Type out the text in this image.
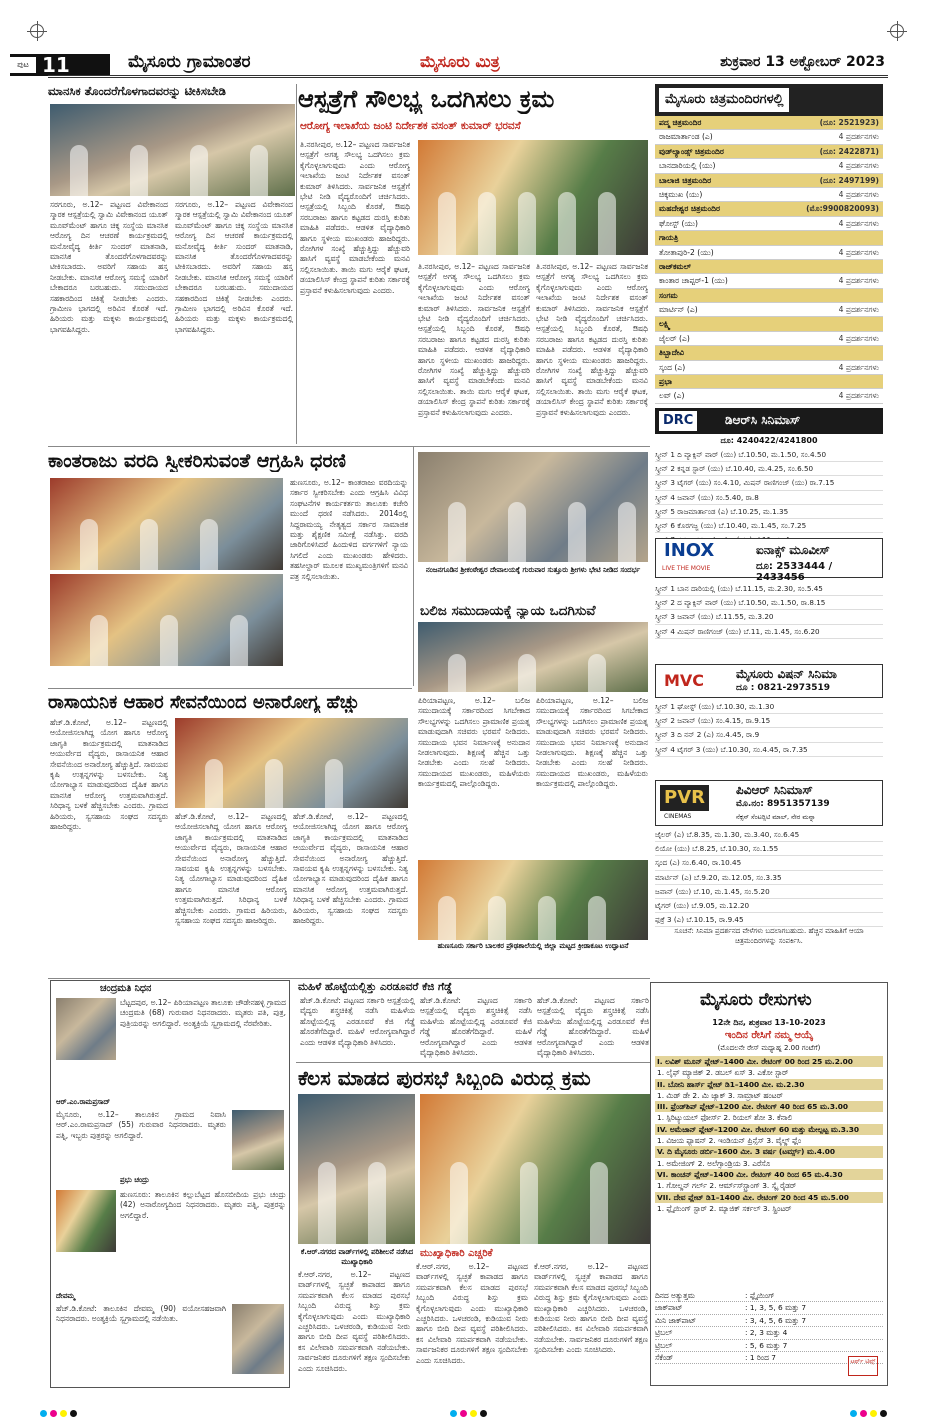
ಪುಟ 11	ಮೈಸೂರು ಗ್ರಾಮಾಂತರ	ಮೈಸೂರು ಮಿತ್ರ	ಶುಕ್ರವಾರ 13 ಅಕ್ಟೋಬರ್ 2023
ಮಾನಸಿಕ ತೊಂದರೆಗೊಳಗಾದವರನ್ನು ಟೀಕಿಸಬೇಡಿ
ಸರಗೂರು, ಅ.12– ಪಟ್ಟಣದ ವಿವೇಕಾನಂದ ಸ್ಮಾರಕ ಆಸ್ಪತ್ರೆಯಲ್ಲಿ ಸ್ವಾಮಿ ವಿವೇಕಾನಂದ ಯೂತ್ ಮೂವ್‍ಮೆಂಟ್ ಹಾಗೂ ಚಿಕ್ಕ ಸಂಸ್ಥೆಯ ಮಾನಸಿಕ ಆರೋಗ್ಯ ದಿನ ಆಚರಣೆ ಕಾರ್ಯಕ್ರಮದಲ್ಲಿ ಮನೋವೈದ್ಯ ಕೀರ್ತಿ ಸುಂದರ್ ಮಾತನಾಡಿ, ಮಾನಸಿಕ ತೊಂದರೆಗೊಳಗಾದವರನ್ನು ಟೀಕಿಸಬಾರದು. ಅವರಿಗೆ ಸಹಾಯ ಹಸ್ತ ನೀಡಬೇಕು. ಮಾನಸಿಕ ಆರೋಗ್ಯ ಸಮಸ್ಯೆ ಯಾರಿಗೆ ಬೇಕಾದರೂ ಬರಬಹುದು. ಸಮುದಾಯದ ಸಹಕಾರದಿಂದ ಚಿಕಿತ್ಸೆ ನೀಡಬೇಕು ಎಂದರು. ಗ್ರಾಮೀಣ ಭಾಗದಲ್ಲಿ ಅರಿವಿನ ಕೊರತೆ ಇದೆ. ಹಿರಿಯರು ಮತ್ತು ಮಕ್ಕಳು ಕಾರ್ಯಕ್ರಮದಲ್ಲಿ ಭಾಗವಹಿಸಿದ್ದರು.
ಸರಗೂರು, ಅ.12– ಪಟ್ಟಣದ ವಿವೇಕಾನಂದ ಸ್ಮಾರಕ ಆಸ್ಪತ್ರೆಯಲ್ಲಿ ಸ್ವಾಮಿ ವಿವೇಕಾನಂದ ಯೂತ್ ಮೂವ್‍ಮೆಂಟ್ ಹಾಗೂ ಚಿಕ್ಕ ಸಂಸ್ಥೆಯ ಮಾನಸಿಕ ಆರೋಗ್ಯ ದಿನ ಆಚರಣೆ ಕಾರ್ಯಕ್ರಮದಲ್ಲಿ ಮನೋವೈದ್ಯ ಕೀರ್ತಿ ಸುಂದರ್ ಮಾತನಾಡಿ, ಮಾನಸಿಕ ತೊಂದರೆಗೊಳಗಾದವರನ್ನು ಟೀಕಿಸಬಾರದು. ಅವರಿಗೆ ಸಹಾಯ ಹಸ್ತ ನೀಡಬೇಕು. ಮಾನಸಿಕ ಆರೋಗ್ಯ ಸಮಸ್ಯೆ ಯಾರಿಗೆ ಬೇಕಾದರೂ ಬರಬಹುದು. ಸಮುದಾಯದ ಸಹಕಾರದಿಂದ ಚಿಕಿತ್ಸೆ ನೀಡಬೇಕು ಎಂದರು. ಗ್ರಾಮೀಣ ಭಾಗದಲ್ಲಿ ಅರಿವಿನ ಕೊರತೆ ಇದೆ. ಹಿರಿಯರು ಮತ್ತು ಮಕ್ಕಳು ಕಾರ್ಯಕ್ರಮದಲ್ಲಿ ಭಾಗವಹಿಸಿದ್ದರು.
ಆಸ್ಪತ್ರೆಗೆ ಸೌಲಭ್ಯ ಒದಗಿಸಲು ಕ್ರಮ
ಆರೋಗ್ಯ ಇಲಾಖೆಯ ಜಂಟಿ ನಿರ್ದೇಶಕ ವಸಂತ್ ಕುಮಾರ್ ಭರವಸೆ
ತಿ.ನರಸೀಪುರ, ಅ.12– ಪಟ್ಟಣದ ಸಾರ್ವಜನಿಕ ಆಸ್ಪತ್ರೆಗೆ ಅಗತ್ಯ ಸೌಲಭ್ಯ ಒದಗಿಸಲು ಕ್ರಮ ಕೈಗೊಳ್ಳಲಾಗುವುದು ಎಂದು ಆರೋಗ್ಯ ಇಲಾಖೆಯ ಜಂಟಿ ನಿರ್ದೇಶಕ ವಸಂತ್ ಕುಮಾರ್ ತಿಳಿಸಿದರು. ಸಾರ್ವಜನಿಕ ಆಸ್ಪತ್ರೆಗೆ ಭೇಟಿ ನೀಡಿ ವೈದ್ಯರೊಂದಿಗೆ ಚರ್ಚಿಸಿದರು. ಆಸ್ಪತ್ರೆಯಲ್ಲಿ ಸಿಬ್ಬಂದಿ ಕೊರತೆ, ಔಷಧಿ ಸರಬರಾಜು ಹಾಗೂ ಕಟ್ಟಡದ ದುರಸ್ತಿ ಕುರಿತು ಮಾಹಿತಿ ಪಡೆದರು. ಆಡಳಿತ ವೈದ್ಯಾಧಿಕಾರಿ ಹಾಗೂ ಸ್ಥಳೀಯ ಮುಖಂಡರು ಹಾಜರಿದ್ದರು. ರೋಗಿಗಳ ಸಂಖ್ಯೆ ಹೆಚ್ಚುತ್ತಿದ್ದು ಹೆಚ್ಚುವರಿ ಹಾಸಿಗೆ ವ್ಯವಸ್ಥೆ ಮಾಡಬೇಕೆಂದು ಮನವಿ ಸಲ್ಲಿಸಲಾಯಿತು. ತಾಯಿ ಮಗು ಆರೈಕೆ ಘಟಕ, ಡಯಾಲಿಸಿಸ್ ಕೇಂದ್ರ ಸ್ಥಾಪನೆ ಕುರಿತು ಸರ್ಕಾರಕ್ಕೆ ಪ್ರಸ್ತಾವನೆ ಕಳುಹಿಸಲಾಗುವುದು ಎಂದರು.
ತಿ.ನರಸೀಪುರ, ಅ.12– ಪಟ್ಟಣದ ಸಾರ್ವಜನಿಕ ಆಸ್ಪತ್ರೆಗೆ ಅಗತ್ಯ ಸೌಲಭ್ಯ ಒದಗಿಸಲು ಕ್ರಮ ಕೈಗೊಳ್ಳಲಾಗುವುದು ಎಂದು ಆರೋಗ್ಯ ಇಲಾಖೆಯ ಜಂಟಿ ನಿರ್ದೇಶಕ ವಸಂತ್ ಕುಮಾರ್ ತಿಳಿಸಿದರು. ಸಾರ್ವಜನಿಕ ಆಸ್ಪತ್ರೆಗೆ ಭೇಟಿ ನೀಡಿ ವೈದ್ಯರೊಂದಿಗೆ ಚರ್ಚಿಸಿದರು. ಆಸ್ಪತ್ರೆಯಲ್ಲಿ ಸಿಬ್ಬಂದಿ ಕೊರತೆ, ಔಷಧಿ ಸರಬರಾಜು ಹಾಗೂ ಕಟ್ಟಡದ ದುರಸ್ತಿ ಕುರಿತು ಮಾಹಿತಿ ಪಡೆದರು. ಆಡಳಿತ ವೈದ್ಯಾಧಿಕಾರಿ ಹಾಗೂ ಸ್ಥಳೀಯ ಮುಖಂಡರು ಹಾಜರಿದ್ದರು. ರೋಗಿಗಳ ಸಂಖ್ಯೆ ಹೆಚ್ಚುತ್ತಿದ್ದು ಹೆಚ್ಚುವರಿ ಹಾಸಿಗೆ ವ್ಯವಸ್ಥೆ ಮಾಡಬೇಕೆಂದು ಮನವಿ ಸಲ್ಲಿಸಲಾಯಿತು. ತಾಯಿ ಮಗು ಆರೈಕೆ ಘಟಕ, ಡಯಾಲಿಸಿಸ್ ಕೇಂದ್ರ ಸ್ಥಾಪನೆ ಕುರಿತು ಸರ್ಕಾರಕ್ಕೆ ಪ್ರಸ್ತಾವನೆ ಕಳುಹಿಸಲಾಗುವುದು ಎಂದರು.
ತಿ.ನರಸೀಪುರ, ಅ.12– ಪಟ್ಟಣದ ಸಾರ್ವಜನಿಕ ಆಸ್ಪತ್ರೆಗೆ ಅಗತ್ಯ ಸೌಲಭ್ಯ ಒದಗಿಸಲು ಕ್ರಮ ಕೈಗೊಳ್ಳಲಾಗುವುದು ಎಂದು ಆರೋಗ್ಯ ಇಲಾಖೆಯ ಜಂಟಿ ನಿರ್ದೇಶಕ ವಸಂತ್ ಕುಮಾರ್ ತಿಳಿಸಿದರು. ಸಾರ್ವಜನಿಕ ಆಸ್ಪತ್ರೆಗೆ ಭೇಟಿ ನೀಡಿ ವೈದ್ಯರೊಂದಿಗೆ ಚರ್ಚಿಸಿದರು. ಆಸ್ಪತ್ರೆಯಲ್ಲಿ ಸಿಬ್ಬಂದಿ ಕೊರತೆ, ಔಷಧಿ ಸರಬರಾಜು ಹಾಗೂ ಕಟ್ಟಡದ ದುರಸ್ತಿ ಕುರಿತು ಮಾಹಿತಿ ಪಡೆದರು. ಆಡಳಿತ ವೈದ್ಯಾಧಿಕಾರಿ ಹಾಗೂ ಸ್ಥಳೀಯ ಮುಖಂಡರು ಹಾಜರಿದ್ದರು. ರೋಗಿಗಳ ಸಂಖ್ಯೆ ಹೆಚ್ಚುತ್ತಿದ್ದು ಹೆಚ್ಚುವರಿ ಹಾಸಿಗೆ ವ್ಯವಸ್ಥೆ ಮಾಡಬೇಕೆಂದು ಮನವಿ ಸಲ್ಲಿಸಲಾಯಿತು. ತಾಯಿ ಮಗು ಆರೈಕೆ ಘಟಕ, ಡಯಾಲಿಸಿಸ್ ಕೇಂದ್ರ ಸ್ಥಾಪನೆ ಕುರಿತು ಸರ್ಕಾರಕ್ಕೆ ಪ್ರಸ್ತಾವನೆ ಕಳುಹಿಸಲಾಗುವುದು ಎಂದರು.
ಕಾಂತರಾಜು ವರದಿ ಸ್ವೀಕರಿಸುವಂತೆ ಆಗ್ರಹಿಸಿ ಧರಣಿ
ಹುಣಸೂರು, ಅ.12– ಕಾಂತರಾಜು ವರದಿಯನ್ನು ಸರ್ಕಾರ ಸ್ವೀಕರಿಸಬೇಕು ಎಂದು ಆಗ್ರಹಿಸಿ ವಿವಿಧ ಸಂಘಟನೆಗಳ ಕಾರ್ಯಕರ್ತರು ತಾಲೂಕು ಕಚೇರಿ ಮುಂದೆ ಧರಣಿ ನಡೆಸಿದರು. 2014ರಲ್ಲಿ ಸಿದ್ದರಾಮಯ್ಯ ನೇತೃತ್ವದ ಸರ್ಕಾರ ಸಾಮಾಜಿಕ ಮತ್ತು ಶೈಕ್ಷಣಿಕ ಸಮೀಕ್ಷೆ ನಡೆಸಿತ್ತು. ವರದಿ ಜಾರಿಗೊಳಿಸಿದರೆ ಹಿಂದುಳಿದ ವರ್ಗಗಳಿಗೆ ನ್ಯಾಯ ಸಿಗಲಿದೆ ಎಂದು ಮುಖಂಡರು ಹೇಳಿದರು. ತಹಸೀಲ್ದಾರ್ ಮೂಲಕ ಮುಖ್ಯಮಂತ್ರಿಗಳಿಗೆ ಮನವಿ ಪತ್ರ ಸಲ್ಲಿಸಲಾಯಿತು.
ನಂಜನಗೂಡಿನ ಶ್ರೀಕಂಠೇಶ್ವರ ದೇವಾಲಯಕ್ಕೆ ಗುರುವಾರ ಸುತ್ತೂರು ಶ್ರೀಗಳು ಭೇಟಿ ನೀಡಿದ ಸಂದರ್ಭ
ಬಲಿಜ ಸಮುದಾಯಕ್ಕೆ ನ್ಯಾಯ ಒದಗಿಸುವೆ
ಪಿರಿಯಾಪಟ್ಟಣ, ಅ.12– ಬಲಿಜ ಸಮುದಾಯಕ್ಕೆ ಸರ್ಕಾರದಿಂದ ಸಿಗಬೇಕಾದ ಸೌಲಭ್ಯಗಳನ್ನು ಒದಗಿಸಲು ಪ್ರಾಮಾಣಿಕ ಪ್ರಯತ್ನ ಮಾಡುವುದಾಗಿ ಸಚಿವರು ಭರವಸೆ ನೀಡಿದರು. ಸಮುದಾಯ ಭವನ ನಿರ್ಮಾಣಕ್ಕೆ ಅನುದಾನ ನೀಡಲಾಗುವುದು. ಶಿಕ್ಷಣಕ್ಕೆ ಹೆಚ್ಚಿನ ಒತ್ತು ನೀಡಬೇಕು ಎಂದು ಸಲಹೆ ನೀಡಿದರು. ಸಮುದಾಯದ ಮುಖಂಡರು, ಮಹಿಳೆಯರು ಕಾರ್ಯಕ್ರಮದಲ್ಲಿ ಪಾಲ್ಗೊಂಡಿದ್ದರು.
ಪಿರಿಯಾಪಟ್ಟಣ, ಅ.12– ಬಲಿಜ ಸಮುದಾಯಕ್ಕೆ ಸರ್ಕಾರದಿಂದ ಸಿಗಬೇಕಾದ ಸೌಲಭ್ಯಗಳನ್ನು ಒದಗಿಸಲು ಪ್ರಾಮಾಣಿಕ ಪ್ರಯತ್ನ ಮಾಡುವುದಾಗಿ ಸಚಿವರು ಭರವಸೆ ನೀಡಿದರು. ಸಮುದಾಯ ಭವನ ನಿರ್ಮಾಣಕ್ಕೆ ಅನುದಾನ ನೀಡಲಾಗುವುದು. ಶಿಕ್ಷಣಕ್ಕೆ ಹೆಚ್ಚಿನ ಒತ್ತು ನೀಡಬೇಕು ಎಂದು ಸಲಹೆ ನೀಡಿದರು. ಸಮುದಾಯದ ಮುಖಂಡರು, ಮಹಿಳೆಯರು ಕಾರ್ಯಕ್ರಮದಲ್ಲಿ ಪಾಲ್ಗೊಂಡಿದ್ದರು.
ಹುಣಸೂರು ಸರ್ಕಾರಿ ಬಾಲಕರ ಪ್ರೌಢಶಾಲೆಯಲ್ಲಿ ಜಿಲ್ಲಾ ಮಟ್ಟದ ಕ್ರೀಡಾಕೂಟ ಉದ್ಘಾಟನೆ
ರಾಸಾಯನಿಕ ಆಹಾರ ಸೇವನೆಯಿಂದ ಅನಾರೋಗ್ಯ ಹೆಚ್ಚು
ಹೆಚ್.ಡಿ.ಕೋಟೆ, ಅ.12– ಪಟ್ಟಣದಲ್ಲಿ ಆಯೋಜಿಸಲಾಗಿದ್ದ ಯೋಗ ಹಾಗೂ ಆರೋಗ್ಯ ಜಾಗೃತಿ ಕಾರ್ಯಕ್ರಮದಲ್ಲಿ ಮಾತನಾಡಿದ ಆಯುರ್ವೇದ ವೈದ್ಯರು, ರಾಸಾಯನಿಕ ಆಹಾರ ಸೇವನೆಯಿಂದ ಅನಾರೋಗ್ಯ ಹೆಚ್ಚುತ್ತಿದೆ. ಸಾವಯವ ಕೃಷಿ ಉತ್ಪನ್ನಗಳನ್ನು ಬಳಸಬೇಕು. ನಿತ್ಯ ಯೋಗಾಭ್ಯಾಸ ಮಾಡುವುದರಿಂದ ದೈಹಿಕ ಹಾಗೂ ಮಾನಸಿಕ ಆರೋಗ್ಯ ಉತ್ತಮವಾಗಿರುತ್ತದೆ. ಸಿರಿಧಾನ್ಯ ಬಳಕೆ ಹೆಚ್ಚಿಸಬೇಕು ಎಂದರು. ಗ್ರಾಮದ ಹಿರಿಯರು, ಸ್ವಸಹಾಯ ಸಂಘದ ಸದಸ್ಯರು ಹಾಜರಿದ್ದರು.
ಹೆಚ್.ಡಿ.ಕೋಟೆ, ಅ.12– ಪಟ್ಟಣದಲ್ಲಿ ಆಯೋಜಿಸಲಾಗಿದ್ದ ಯೋಗ ಹಾಗೂ ಆರೋಗ್ಯ ಜಾಗೃತಿ ಕಾರ್ಯಕ್ರಮದಲ್ಲಿ ಮಾತನಾಡಿದ ಆಯುರ್ವೇದ ವೈದ್ಯರು, ರಾಸಾಯನಿಕ ಆಹಾರ ಸೇವನೆಯಿಂದ ಅನಾರೋಗ್ಯ ಹೆಚ್ಚುತ್ತಿದೆ. ಸಾವಯವ ಕೃಷಿ ಉತ್ಪನ್ನಗಳನ್ನು ಬಳಸಬೇಕು. ನಿತ್ಯ ಯೋಗಾಭ್ಯಾಸ ಮಾಡುವುದರಿಂದ ದೈಹಿಕ ಹಾಗೂ ಮಾನಸಿಕ ಆರೋಗ್ಯ ಉತ್ತಮವಾಗಿರುತ್ತದೆ. ಸಿರಿಧಾನ್ಯ ಬಳಕೆ ಹೆಚ್ಚಿಸಬೇಕು ಎಂದರು. ಗ್ರಾಮದ ಹಿರಿಯರು, ಸ್ವಸಹಾಯ ಸಂಘದ ಸದಸ್ಯರು ಹಾಜರಿದ್ದರು.
ಹೆಚ್.ಡಿ.ಕೋಟೆ, ಅ.12– ಪಟ್ಟಣದಲ್ಲಿ ಆಯೋಜಿಸಲಾಗಿದ್ದ ಯೋಗ ಹಾಗೂ ಆರೋಗ್ಯ ಜಾಗೃತಿ ಕಾರ್ಯಕ್ರಮದಲ್ಲಿ ಮಾತನಾಡಿದ ಆಯುರ್ವೇದ ವೈದ್ಯರು, ರಾಸಾಯನಿಕ ಆಹಾರ ಸೇವನೆಯಿಂದ ಅನಾರೋಗ್ಯ ಹೆಚ್ಚುತ್ತಿದೆ. ಸಾವಯವ ಕೃಷಿ ಉತ್ಪನ್ನಗಳನ್ನು ಬಳಸಬೇಕು. ನಿತ್ಯ ಯೋಗಾಭ್ಯಾಸ ಮಾಡುವುದರಿಂದ ದೈಹಿಕ ಹಾಗೂ ಮಾನಸಿಕ ಆರೋಗ್ಯ ಉತ್ತಮವಾಗಿರುತ್ತದೆ. ಸಿರಿಧಾನ್ಯ ಬಳಕೆ ಹೆಚ್ಚಿಸಬೇಕು ಎಂದರು. ಗ್ರಾಮದ ಹಿರಿಯರು, ಸ್ವಸಹಾಯ ಸಂಘದ ಸದಸ್ಯರು ಹಾಜರಿದ್ದರು.
ಚಂದ್ರಮತಿ ನಿಧನ
ಬೆಟ್ಟದಪುರ, ಅ.12– ಪಿರಿಯಾಪಟ್ಟಣ ತಾಲೂಕು ಚೌಡೇನಹಳ್ಳಿ ಗ್ರಾಮದ ಚಂದ್ರಮತಿ (68) ಗುರುವಾರ ನಿಧನರಾದರು. ಮೃತರು ಪತಿ, ಪುತ್ರ, ಪುತ್ರಿಯರನ್ನು ಅಗಲಿದ್ದಾರೆ. ಅಂತ್ಯಕ್ರಿಯೆ ಸ್ವಗ್ರಾಮದಲ್ಲಿ ನೆರವೇರಿತು.
ಆರ್.ಎಂ.ರಾಮಪ್ರಸಾದ್
ಮೈಸೂರು, ಅ.12– ತಾಲೂಕಿನ ಗ್ರಾಮದ ನಿವಾಸಿ ಆರ್.ಎಂ.ರಾಮಪ್ರಸಾದ್ (55) ಗುರುವಾರ ನಿಧನರಾದರು. ಮೃತರು ಪತ್ನಿ, ಇಬ್ಬರು ಪುತ್ರರನ್ನು ಅಗಲಿದ್ದಾರೆ.
ಪ್ರಭು ಚಂದ್ರು
ಹುಣಸೂರು: ತಾಲೂಕಿನ ಕಲ್ಲುಬೆಟ್ಟದ ಹೊಸಬೀದಿಯ ಪ್ರಭು ಚಂದ್ರು (42) ಅನಾರೋಗ್ಯದಿಂದ ನಿಧನರಾದರು. ಮೃತರು ಪತ್ನಿ, ಪುತ್ರರನ್ನು ಅಗಲಿದ್ದಾರೆ.
ದೇವಮ್ಮ
ಹೆಚ್.ಡಿ.ಕೋಟೆ: ತಾಲೂಕಿನ ದೇವಮ್ಮ (90) ವಯೋಸಹಜವಾಗಿ ನಿಧನರಾದರು. ಅಂತ್ಯಕ್ರಿಯೆ ಸ್ವಗ್ರಾಮದಲ್ಲಿ ನಡೆಯಿತು.
ಮಹಿಳೆ ಹೊಟ್ಟೆಯಲ್ಲಿತ್ತು ಎರಡೂವರೆ ಕೆಜಿ ಗೆಡ್ಡೆ
ಹೆಚ್.ಡಿ.ಕೋಟೆ: ಪಟ್ಟಣದ ಸರ್ಕಾರಿ ಆಸ್ಪತ್ರೆಯಲ್ಲಿ ವೈದ್ಯರು ಶಸ್ತ್ರಚಿಕಿತ್ಸೆ ನಡೆಸಿ ಮಹಿಳೆಯ ಹೊಟ್ಟೆಯಲ್ಲಿದ್ದ ಎರಡೂವರೆ ಕೆಜಿ ಗೆಡ್ಡೆ ಹೊರತೆಗೆದಿದ್ದಾರೆ. ಮಹಿಳೆ ಆರೋಗ್ಯವಾಗಿದ್ದಾರೆ ಎಂದು ಆಡಳಿತ ವೈದ್ಯಾಧಿಕಾರಿ ತಿಳಿಸಿದರು.
ಹೆಚ್.ಡಿ.ಕೋಟೆ: ಪಟ್ಟಣದ ಸರ್ಕಾರಿ ಆಸ್ಪತ್ರೆಯಲ್ಲಿ ವೈದ್ಯರು ಶಸ್ತ್ರಚಿಕಿತ್ಸೆ ನಡೆಸಿ ಮಹಿಳೆಯ ಹೊಟ್ಟೆಯಲ್ಲಿದ್ದ ಎರಡೂವರೆ ಕೆಜಿ ಗೆಡ್ಡೆ ಹೊರತೆಗೆದಿದ್ದಾರೆ. ಮಹಿಳೆ ಆರೋಗ್ಯವಾಗಿದ್ದಾರೆ ಎಂದು ಆಡಳಿತ ವೈದ್ಯಾಧಿಕಾರಿ ತಿಳಿಸಿದರು.
ಹೆಚ್.ಡಿ.ಕೋಟೆ: ಪಟ್ಟಣದ ಸರ್ಕಾರಿ ಆಸ್ಪತ್ರೆಯಲ್ಲಿ ವೈದ್ಯರು ಶಸ್ತ್ರಚಿಕಿತ್ಸೆ ನಡೆಸಿ ಮಹಿಳೆಯ ಹೊಟ್ಟೆಯಲ್ಲಿದ್ದ ಎರಡೂವರೆ ಕೆಜಿ ಗೆಡ್ಡೆ ಹೊರತೆಗೆದಿದ್ದಾರೆ. ಮಹಿಳೆ ಆರೋಗ್ಯವಾಗಿದ್ದಾರೆ ಎಂದು ಆಡಳಿತ ವೈದ್ಯಾಧಿಕಾರಿ ತಿಳಿಸಿದರು.
ಕೆಲಸ ಮಾಡದ ಪುರಸಭೆ ಸಿಬ್ಬಂದಿ ವಿರುದ್ಧ ಕ್ರಮ
ಮುಖ್ಯಾಧಿಕಾರಿ ಎಚ್ಚರಿಕೆ
ಕೆ.ಆರ್.ನಗರದ ವಾರ್ಡ್‍ಗಳಲ್ಲಿ ಪರಿಶೀಲನೆ ನಡೆಸಿದ ಮುಖ್ಯಾಧಿಕಾರಿ
ಕೆ.ಆರ್.ನಗರ, ಅ.12– ಪಟ್ಟಣದ ವಾರ್ಡ್‍ಗಳಲ್ಲಿ ಸ್ವಚ್ಛತೆ ಕಾಪಾಡದ ಹಾಗೂ ಸಮರ್ಪಕವಾಗಿ ಕೆಲಸ ಮಾಡದ ಪುರಸಭೆ ಸಿಬ್ಬಂದಿ ವಿರುದ್ಧ ಶಿಸ್ತು ಕ್ರಮ ಕೈಗೊಳ್ಳಲಾಗುವುದು ಎಂದು ಮುಖ್ಯಾಧಿಕಾರಿ ಎಚ್ಚರಿಸಿದರು. ಒಳಚರಂಡಿ, ಕುಡಿಯುವ ನೀರು ಹಾಗೂ ಬೀದಿ ದೀಪ ವ್ಯವಸ್ಥೆ ಪರಿಶೀಲಿಸಿದರು. ಕಸ ವಿಲೇವಾರಿ ಸಮರ್ಪಕವಾಗಿ ನಡೆಯಬೇಕು. ಸಾರ್ವಜನಿಕರ ದೂರುಗಳಿಗೆ ತಕ್ಷಣ ಸ್ಪಂದಿಸಬೇಕು ಎಂದು ಸೂಚಿಸಿದರು.
ಕೆ.ಆರ್.ನಗರ, ಅ.12– ಪಟ್ಟಣದ ವಾರ್ಡ್‍ಗಳಲ್ಲಿ ಸ್ವಚ್ಛತೆ ಕಾಪಾಡದ ಹಾಗೂ ಸಮರ್ಪಕವಾಗಿ ಕೆಲಸ ಮಾಡದ ಪುರಸಭೆ ಸಿಬ್ಬಂದಿ ವಿರುದ್ಧ ಶಿಸ್ತು ಕ್ರಮ ಕೈಗೊಳ್ಳಲಾಗುವುದು ಎಂದು ಮುಖ್ಯಾಧಿಕಾರಿ ಎಚ್ಚರಿಸಿದರು. ಒಳಚರಂಡಿ, ಕುಡಿಯುವ ನೀರು ಹಾಗೂ ಬೀದಿ ದೀಪ ವ್ಯವಸ್ಥೆ ಪರಿಶೀಲಿಸಿದರು. ಕಸ ವಿಲೇವಾರಿ ಸಮರ್ಪಕವಾಗಿ ನಡೆಯಬೇಕು. ಸಾರ್ವಜನಿಕರ ದೂರುಗಳಿಗೆ ತಕ್ಷಣ ಸ್ಪಂದಿಸಬೇಕು ಎಂದು ಸೂಚಿಸಿದರು.
ಕೆ.ಆರ್.ನಗರ, ಅ.12– ಪಟ್ಟಣದ ವಾರ್ಡ್‍ಗಳಲ್ಲಿ ಸ್ವಚ್ಛತೆ ಕಾಪಾಡದ ಹಾಗೂ ಸಮರ್ಪಕವಾಗಿ ಕೆಲಸ ಮಾಡದ ಪುರಸಭೆ ಸಿಬ್ಬಂದಿ ವಿರುದ್ಧ ಶಿಸ್ತು ಕ್ರಮ ಕೈಗೊಳ್ಳಲಾಗುವುದು ಎಂದು ಮುಖ್ಯಾಧಿಕಾರಿ ಎಚ್ಚರಿಸಿದರು. ಒಳಚರಂಡಿ, ಕುಡಿಯುವ ನೀರು ಹಾಗೂ ಬೀದಿ ದೀಪ ವ್ಯವಸ್ಥೆ ಪರಿಶೀಲಿಸಿದರು. ಕಸ ವಿಲೇವಾರಿ ಸಮರ್ಪಕವಾಗಿ ನಡೆಯಬೇಕು. ಸಾರ್ವಜನಿಕರ ದೂರುಗಳಿಗೆ ತಕ್ಷಣ ಸ್ಪಂದಿಸಬೇಕು ಎಂದು ಸೂಚಿಸಿದರು.
ಮೈಸೂರು ಚಿತ್ರಮಂದಿರಗಳಲ್ಲಿ
ಪದ್ಮ ಚಿತ್ರಮಂದಿರ	(ದೂ: 2521923)
ರಾಜಮಾರ್ತಾಂಡ (ಎ)	4 ಪ್ರದರ್ಶನಗಳು
ವುಡ್‍ಲ್ಯಾಂಡ್ಸ್ ಚಿತ್ರಮಂದಿರ	(ದೂ: 2422871)
ಬಾನದಾರಿಯಲ್ಲಿ (ಯು)	4 ಪ್ರದರ್ಶನಗಳು
ಬಾಲಾಜಿ ಚಿತ್ರಮಂದಿರ	(ದೂ: 2497199)
ಚಿಕ್ಕಮುಖ (ಯು)	4 ಪ್ರದರ್ಶನಗಳು
ಮಹದೇಶ್ವರ ಚಿತ್ರಮಂದಿರ	(ಮೊ:9900820093)
ಘೋಸ್ಟ್ (ಯು)	4 ಪ್ರದರ್ಶನಗಳು
ಗಾಯತ್ರಿ
ತೋತಾಪುರಿ-2 (ಯು)	4 ಪ್ರದರ್ಶನಗಳು
ರಾಜ್‍ಕಮಲ್
ಕಾಂತಾರ ಚಾಪ್ಟರ್-1 (ಯು)	4 ಪ್ರದರ್ಶನಗಳು
ಸಂಗಮ
ಮಾರ್ಟಿನ್ (ಎ)	4 ಪ್ರದರ್ಶನಗಳು
ಲಕ್ಷ್ಮಿ
ಜೈಲರ್ (ಎ)	4 ಪ್ರದರ್ಶನಗಳು
ತಿಬ್ಬಾದೇವಿ
ಸ್ಕಂದ (ಎ)	4 ಪ್ರದರ್ಶನಗಳು
ಪ್ರಭಾ
ಲವ್ (ಎ)	4 ಪ್ರದರ್ಶನಗಳು
DRC	ಡಿಆರ್‌ಸಿ ಸಿನಿಮಾಸ್
ದೂ: 4240422/4241800
ಸ್ಕ್ರೀನ್ 1 ದಿ ವ್ಯಾಕ್ಸಿನ್ ವಾರ್ (ಯು) ಬೆ.10.50, ಮ.1.50, ಸಂ.4.50
ಸ್ಕ್ರೀನ್ 2 ಕನ್ನಡ ಸ್ಟಾರ್ (ಯು) ಬೆ.10.40, ಮ.4.25, ಸಂ.6.50
ಸ್ಕ್ರೀನ್ 3 ಟೈಗರ್ (ಯು) ಸಂ.4.10, ಮಿಷನ್ ರಾಣಿಗಂಜ್ (ಯು) ರಾ.7.15
ಸ್ಕ್ರೀನ್ 4 ಜವಾನ್ (ಯು) ಸಂ.5.40, ರಾ.8
ಸ್ಕ್ರೀನ್ 5 ರಾಜಮಾರ್ತಾಂಡ (ಎ) ಬೆ.10.25, ಮ.1.35
ಸ್ಕ್ರೀನ್ 6 ಕೊರಗಜ್ಜ (ಯು) ಬೆ.10.40, ಮ.1.45, ಸಂ.7.25
INOX
LIVE THE MOVIE
ಐನಾಕ್ಸ್ ಮೂವೀಸ್
ದೂ: 2533444 / 2433456
ಸ್ಕ್ರೀನ್ 1 ಬಾನ ದಾರಿಯಲ್ಲಿ (ಯು) ಬೆ.11.15, ಮ.2.30, ಸಂ.5.45
ಸ್ಕ್ರೀನ್ 2 ದ ವ್ಯಾಕ್ಸಿನ್ ವಾರ್ (ಯು) ಬೆ.10.50, ಮ.1.50, ರಾ.8.15
ಸ್ಕ್ರೀನ್ 3 ಜವಾನ್ (ಯು) ಬೆ.11.55, ಮ.3.20
ಸ್ಕ್ರೀನ್ 4 ಮಿಷನ್ ರಾಣಿಗಂಜ್ (ಯು) ಬೆ.11, ಮ.1.45, ಸಂ.6.20
MVC	ಮೈಸೂರು ವಿಷನ್ ಸಿನಿಮಾ
ದೂ : 0821-2973519
ಸ್ಕ್ರೀನ್ 1 ಘೋಸ್ಟ್ (ಯು) ಬೆ.10.30, ಮ.1.30
ಸ್ಕ್ರೀನ್ 2 ಜವಾನ್ (ಯು) ಸಂ.4.15, ರಾ.9.15
ಸ್ಕ್ರೀನ್ 3 ದಿ ನನ್ 2 (ಎ) ಸಂ.4.45, ರಾ.9
ಸ್ಕ್ರೀನ್ 4 ಟೈಗರ್ 3 (ಯು) ಬೆ.10.30, ಸಂ.4.45, ರಾ.7.35
PVR
CINEMAS
ಪಿವಿಆರ್ ಸಿನಿಮಾಸ್
ಮೊ.ನಂ: 8951357139
ನೆಕ್ಸಸ್ ಸೆಂಟರ್‍ಸಿಟಿ ಮಾಲ್, ನೇರ ಮನ್ನಾ
ಜೈಲರ್ (ಎ) ಬೆ.8.35, ಮ.1.30, ಮ.3.40, ಸಂ.6.45
ಲಿಯೋ (ಯು) ಬೆ.8.25, ಬೆ.10.30, ಸಂ.1.55
ಸ್ಕಂದ (ಎ) ಸಂ.6.40, ರಾ.10.45
ಮಾರ್ಟಿನ್ (ಎ) ಬೆ.9.20, ಮ.12.05, ಸಂ.3.35
ಜವಾನ್ (ಯು) ಬೆ.10, ಮ.1.45, ಸಂ.5.20
ಟೈಗರ್ (ಯು) ಬೆ.9.05, ಮ.12.20
ಫುಕ್ರೆ 3 (ಎ) ಬೆ.10.15, ರಾ.9.45
ಸೂಚನೆ: ಸಿನಿಮಾ ಪ್ರದರ್ಶನದ ವೇಳೆಗಳು ಬದಲಾಗಬಹುದು. ಹೆಚ್ಚಿನ ಮಾಹಿತಿಗೆ ಆಯಾ ಚಿತ್ರಮಂದಿರಗಳನ್ನು ಸಂಪರ್ಕಿಸಿ.
ಮೈಸೂರು ರೇಸುಗಳು
12ನೇ ದಿನ, ಶುಕ್ರವಾರ 13-10-2023
ಇಂದಿನ ರೇಸಿಗೆ ನಮ್ಮ ಆಯ್ಕೆ
(ಮೊದಲನೇ ರೇಸ್ ಮಧ್ಯಾಹ್ನ 2.00 ಗಂಟೆಗೆ)
I. ಲವಿಶ್ ಮೂನ್ ಪ್ಲೇಟ್–1400 ಮೀ. ರೇಟಿಂಗ್ 00 ರಿಂದ 25 ಮ.2.00
1. ಲೈಫ್ ಮ್ಯಾಜಿಕ್ 2. ಡಬಲ್ ಏಸ್ 3. ಎಕೋ ಸ್ಟಾರ್
II. ಬೋನಿ ಹಾರ್ಸ್ ಪ್ಲೇಟ್ ಡಿ1–1400 ಮೀ. ಮ.2.30
1. ಮಿಡ್ ಡೇ 2. ಮಿ ಜ್ಯಾಕ್ 3. ಸಾಮ್ರಾಟ್ ಹಂಟರ್
III. ಫ್ರೆಂಡ್‍ಶಿಪ್ ಪ್ಲೇಟ್–1200 ಮೀ. ರೇಟಿಂಗ್ 40 ರಿಂದ 65 ಮ.3.00
1. ಸ್ಪಿರಿಟ್ಯುಯಲ್ ಫೋರ್ಸ್ 2. ರಿಯಲ್ ಶೋ 3. ಕೆನಾಲಿ
IV. ಅಮೆಜಾನ್ ಪ್ಲೇಟ್–1200 ಮೀ. ರೇಟಿಂಗ್ 60 ಮತ್ತು ಮೇಲ್ಪಟ್ಟ ಮ.3.30
1. ವಿಜಯ ಫ್ಯಾಷನ್ 2. ಇಂಡಿಯನ್ ಪ್ರಿನ್ಸೆಸ್ 3. ವೈಲ್ಡ್ ಫ್ಲೆಂ
V. ದಿ ಮೈಸೂರು ಡರ್ಬಿ–1600 ಮೀ. 3 ವರ್ಷ (ಟರ್ಮ್ಸ್) ಮ.4.00
1. ಅಮೇಜಿಂಗ್ 2. ಅಲೆಗ್ಸಾಂಡ್ರಿಯ 3. ಎರೆಸೊ
VI. ಕಾಂಚನ್ ಪ್ಲೇಟ್–1400 ಮೀ. ರೇಟಿಂಗ್ 40 ರಿಂದ 65 ಮ.4.30
1. ಗೋಲ್ಡನ್ ಗರ್ಲ್ 2. ಆರ್ಮ್ಸ್‍ಸ್ಟ್ರಾಂಗ್ 3. ಸ್ಕೈ ರೈಡರ್
VII. ದೇವ ಪ್ಲೇಟ್ ಡಿ1–1400 ಮೀ. ರೇಟಿಂಗ್ 20 ರಿಂದ 45 ಮ.5.00
1. ಫ್ಲೈಯಿಂಗ್ ಸ್ಟಾರ್ 2. ಮ್ಯಾಜಿಕ್ ಸರ್ಕಲ್ 3. ಸ್ಪ್ರಿಂಟರ್
ದಿನದ ಅತ್ಯುತ್ತಮ	: ಫ್ಲೈಯಿಂಗ್
ಜಾಕ್‍ಪಾಟ್	: 1, 3, 5, 6 ಮತ್ತು 7
ಮಿನಿ ಜಾಕ್‍ಪಾಟ್	: 3, 4, 5, 6 ಮತ್ತು 7
ಟ್ರಿಬಲ್	: 2, 3 ಮತ್ತು 4
ಟ್ರಿಬಲ್	: 5, 6 ಮತ್ತು 7
ಸೆಕೆಂಡ್	: 1 ರಿಂದ 7	ಟರ್ಫ್ ಟಿಪ್ಸ್
